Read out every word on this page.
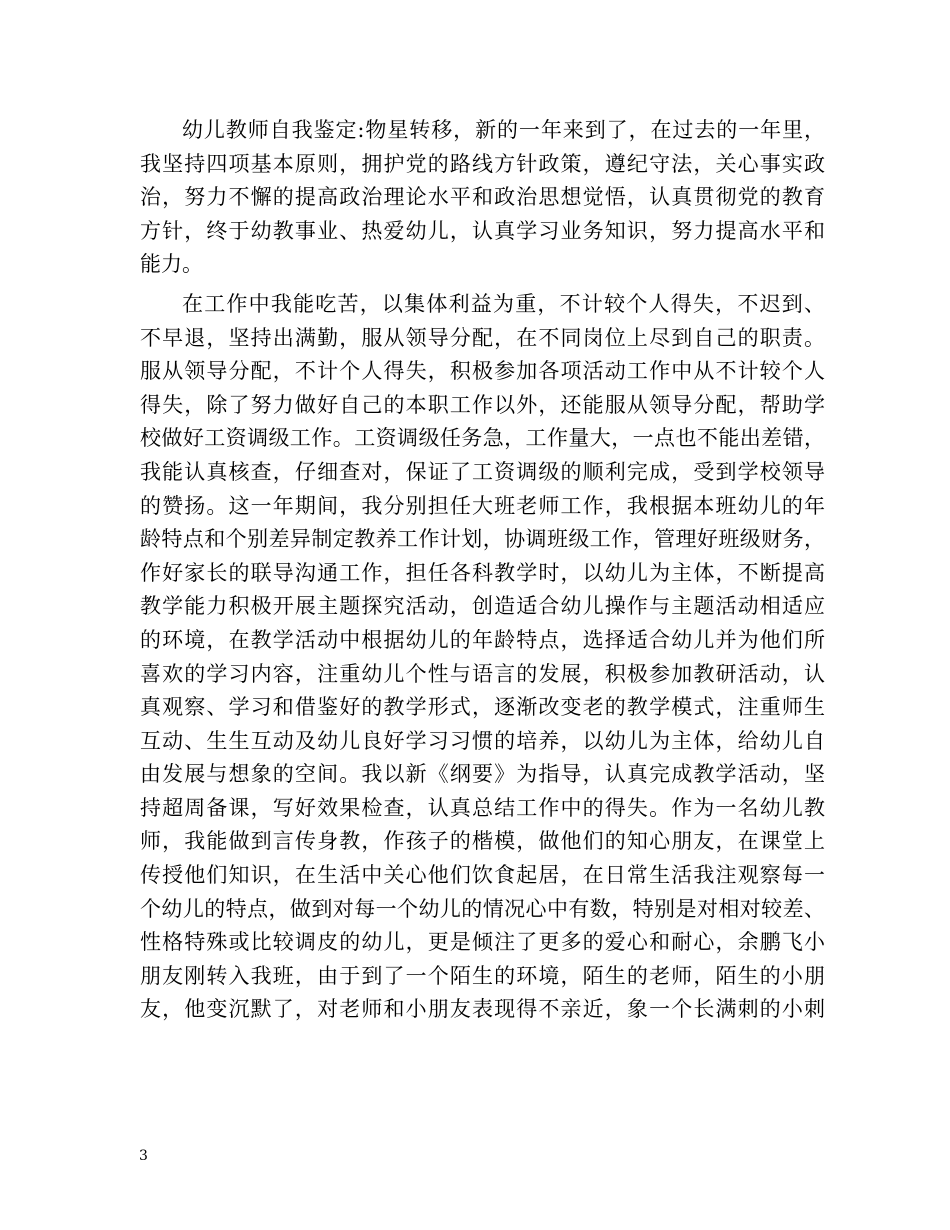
幼儿教师自我鉴定:物星转移，新的一年来到了，在过去的一年里，
我坚持四项基本原则，拥护党的路线方针政策，遵纪守法，关心事实政
治，努力不懈的提高政治理论水平和政治思想觉悟，认真贯彻党的教育
方针，终于幼教事业、热爱幼儿，认真学习业务知识，努力提高水平和
能力。
在工作中我能吃苦，以集体利益为重，不计较个人得失，不迟到、
不早退，坚持出满勤，服从领导分配，在不同岗位上尽到自己的职责。
服从领导分配，不计个人得失，积极参加各项活动工作中从不计较个人
得失，除了努力做好自己的本职工作以外，还能服从领导分配，帮助学
校做好工资调级工作。工资调级任务急，工作量大，一点也不能出差错，
我能认真核查，仔细查对，保证了工资调级的顺利完成，受到学校领导
的赞扬。这一年期间，我分别担任大班老师工作，我根据本班幼儿的年
龄特点和个别差异制定教养工作计划，协调班级工作，管理好班级财务，
作好家长的联导沟通工作，担任各科教学时，以幼儿为主体，不断提高
教学能力积极开展主题探究活动，创造适合幼儿操作与主题活动相适应
的环境，在教学活动中根据幼儿的年龄特点，选择适合幼儿并为他们所
喜欢的学习内容，注重幼儿个性与语言的发展，积极参加教研活动，认
真观察、学习和借鉴好的教学形式，逐渐改变老的教学模式，注重师生
互动、生生互动及幼儿良好学习习惯的培养，以幼儿为主体，给幼儿自
由发展与想象的空间。我以新《纲要》为指导，认真完成教学活动，坚
持超周备课，写好效果检查，认真总结工作中的得失。作为一名幼儿教
师，我能做到言传身教，作孩子的楷模，做他们的知心朋友，在课堂上
传授他们知识，在生活中关心他们饮食起居，在日常生活我注观察每一
个幼儿的特点，做到对每一个幼儿的情况心中有数，特别是对相对较差、
性格特殊或比较调皮的幼儿，更是倾注了更多的爱心和耐心，余鹏飞小
朋友刚转入我班，由于到了一个陌生的环境，陌生的老师，陌生的小朋
友，他变沉默了，对老师和小朋友表现得不亲近，象一个长满刺的小刺
3
